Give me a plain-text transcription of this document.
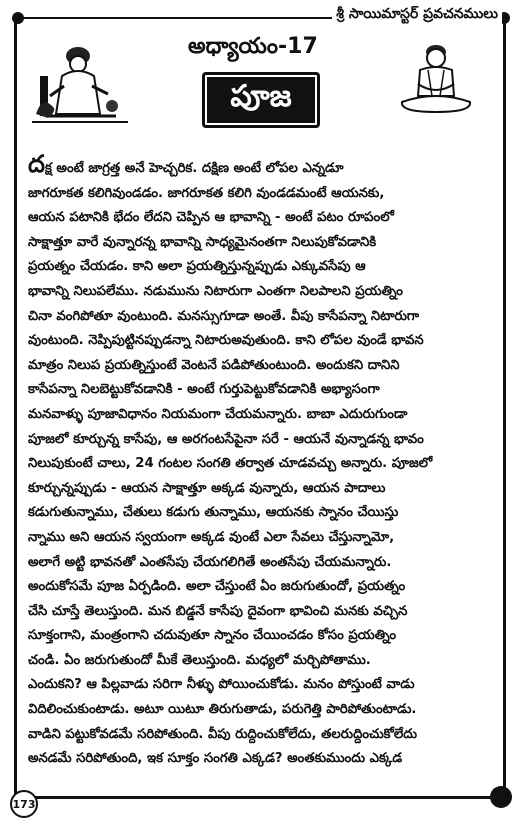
శ్రీ సాయిమాస్టర్ ప్రవచనములు
అధ్యాయం-17
పూజ
దక్ష అంటే జాగ్రత్త అనే హెచ్చరిక. దక్షిణ అంటే లోపల ఎన్నడూ
జాగరూకత కలిగివుండడం. జాగరూకత కలిగి వుండడమంటే ఆయనకు,
ఆయన పటానికి భేదం లేదని చెప్పిన ఆ భావాన్ని - అంటే పటం రూపంలో
సాక్షాత్తూ వారే వున్నారన్న భావాన్ని సాధ్యమైనంతగా నిలుపుకోవడానికి
ప్రయత్నం చేయడం. కాని అలా ప్రయత్నిస్తున్నప్పుడు ఎక్కువసేపు ఆ
భావాన్ని నిలుపలేము. నడుమును నిటారుగా ఎంతగా నిలపాలని ప్రయత్నిం
చినా వంగిపోతూ వుంటుంది. మనస్సుగూడా అంతే. వీపు కాసేపన్నా నిటారుగా
వుంటుంది. నెప్పిపుట్టినప్పుడన్నా నిటారుఅవుతుంది. కాని లోపల వుండే భావన
మాత్రం నిలుప ప్రయత్నిస్తుంటే వెంటనే పడిపోతుంటుంది. అందుకని దానిని
కాసేపన్నా నిలబెట్టుకోవడానికి - అంటే గుర్తుపెట్టుకోవడానికి అభ్యాసంగా
మనవాళ్ళు పూజావిధానం నియమంగా చేయమన్నారు. బాబా ఎదురుగుండా
పూజలో కూర్చున్న కాసేపు, ఆ అరగంటసేపైనా సరే - ఆయనే వున్నాడన్న భావం
నిలుపుకుంటే చాలు, 24 గంటల సంగతి తర్వాత చూడవచ్చు అన్నారు. పూజలో
కూర్చున్నప్పుడు - ఆయన సాక్షాత్తూ అక్కడ వున్నారు, ఆయన పాదాలు
కడుగుతున్నాము, చేతులు కడుగు తున్నాము, ఆయనకు స్నానం చేయిస్తు
న్నాము అని ఆయన స్వయంగా అక్కడ వుంటే ఎలా సేవలు చేస్తున్నామో,
అలాగే అట్టి భావనతో ఎంతసేపు చేయగలిగితే అంతసేపు చేయమన్నారు.
అందుకోసమే పూజ ఏర్పడింది. అలా చేస్తుంటే ఏం జరుగుతుందో, ప్రయత్నం
చేసి చూస్తే తెలుస్తుంది. మన బిడ్డనే కాసేపు దైవంగా భావించి మనకు వచ్చిన
సూక్తంగాని, మంత్రంగాని చదువుతూ స్నానం చేయించడం కోసం ప్రయత్నిం
చండి. ఏం జరుగుతుందో మీకే తెలుస్తుంది. మధ్యలో మర్చిపోతాము.
ఎందుకని? ఆ పిల్లవాడు సరిగా నీళ్ళు పోయించుకోడు. మనం పోస్తుంటే వాడు
విదిలించుకుంటాడు. అటూ యిటూ తిరుగుతాడు, పరుగెత్తి పారిపోతుంటాడు.
వాడిని పట్టుకోవడమే సరిపోతుంది. వీపు రుద్దించుకోలేదు, తలరుద్దించుకోలేదు
అనడమే సరిపోతుంది, ఇక సూక్తం సంగతి ఎక్కడ? అంతకుముందు ఎక్కడ
173
